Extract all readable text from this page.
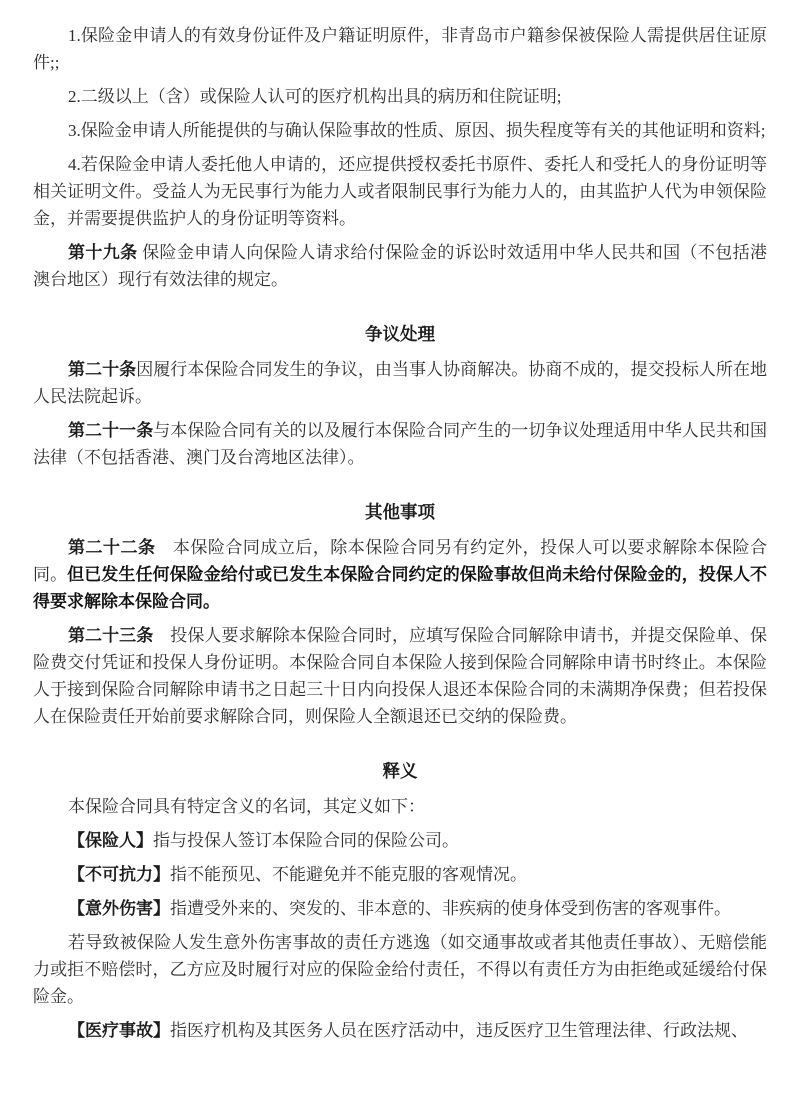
1.保险金申请人的有效身份证件及户籍证明原件，非青岛市户籍参保被保险人需提供居住证原件;;

2.二级以上（含）或保险人认可的医疗机构出具的病历和住院证明;

3.保险金申请人所能提供的与确认保险事故的性质、原因、损失程度等有关的其他证明和资料;

4.若保险金申请人委托他人申请的，还应提供授权委托书原件、委托人和受托人的身份证明等相关证明文件。受益人为无民事行为能力人或者限制民事行为能力人的，由其监护人代为申领保险金，并需要提供监护人的身份证明等资料。

第十九条 保险金申请人向保险人请求给付保险金的诉讼时效适用中华人民共和国（不包括港澳台地区）现行有效法律的规定。

争议处理

第二十条因履行本保险合同发生的争议，由当事人协商解决。协商不成的，提交投标人所在地人民法院起诉。

第二十一条与本保险合同有关的以及履行本保险合同产生的一切争议处理适用中华人民共和国法律（不包括香港、澳门及台湾地区法律）。

其他事项

第二十二条　本保险合同成立后，除本保险合同另有约定外，投保人可以要求解除本保险合同。但已发生任何保险金给付或已发生本保险合同约定的保险事故但尚未给付保险金的，投保人不得要求解除本保险合同。

第二十三条　投保人要求解除本保险合同时，应填写保险合同解除申请书，并提交保险单、保险费交付凭证和投保人身份证明。本保险合同自本保险人接到保险合同解除申请书时终止。本保险人于接到保险合同解除申请书之日起三十日内向投保人退还本保险合同的未满期净保费；但若投保人在保险责任开始前要求解除合同，则保险人全额退还已交纳的保险费。

释义

本保险合同具有特定含义的名词，其定义如下：

【保险人】指与投保人签订本保险合同的保险公司。

【不可抗力】指不能预见、不能避免并不能克服的客观情况。

【意外伤害】指遭受外来的、突发的、非本意的、非疾病的使身体受到伤害的客观事件。

若导致被保险人发生意外伤害事故的责任方逃逸（如交通事故或者其他责任事故）、无赔偿能力或拒不赔偿时，乙方应及时履行对应的保险金给付责任，不得以有责任方为由拒绝或延缓给付保险金。

【医疗事故】指医疗机构及其医务人员在医疗活动中，违反医疗卫生管理法律、行政法规、
